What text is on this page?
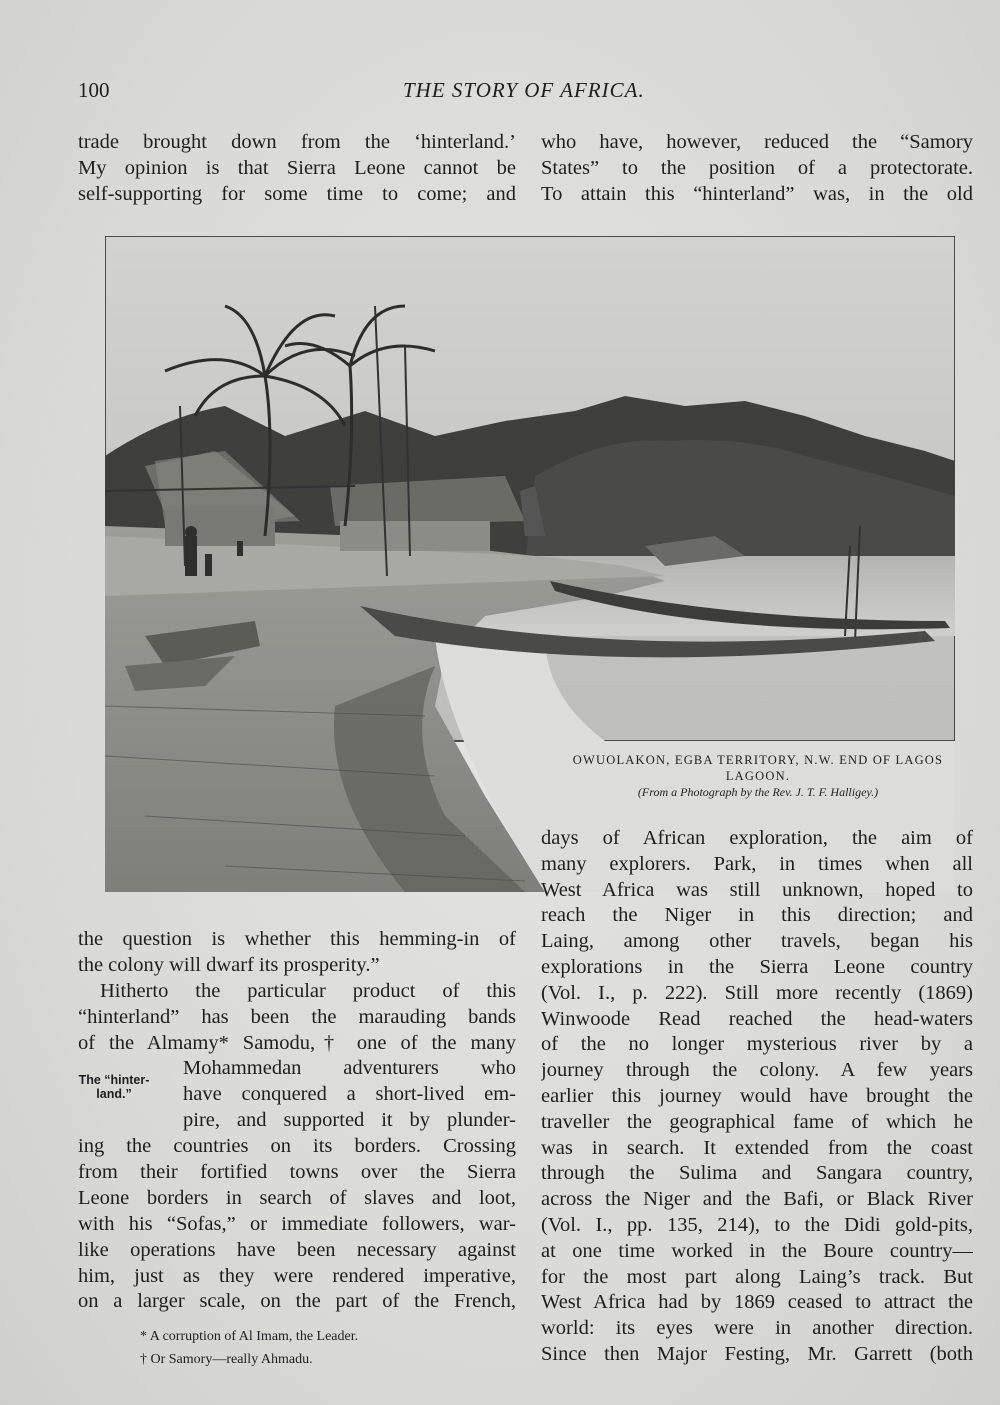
100	THE STORY OF AFRICA.
trade brought down from the ‘hinterland.’
My opinion is that Sierra Leone cannot be
self-supporting for some time to come; and
who have, however, reduced the “Samory
States” to the position of a protectorate.
To attain this “hinterland” was, in the old
OWUOLAKON, EGBA TERRITORY, N.W. END OF LAGOS
LAGOON.
(From a Photograph by the Rev. J. T. F. Halligey.)
days of African exploration, the aim of
many explorers. Park, in times when all
West Africa was still unknown, hoped to
reach the Niger in this direction; and
Laing, among other travels, began his
explorations in the Sierra Leone country
(Vol. I., p. 222). Still more recently (1869)
Winwoode Read reached the head-waters
of the no longer mysterious river by a
journey through the colony. A few years
earlier this journey would have brought the
traveller the geographical fame of which he
was in search. It extended from the coast
through the Sulima and Sangara country,
across the Niger and the Bafi, or Black River
(Vol. I., pp. 135, 214), to the Didi gold-pits,
at one time worked in the Boure country—
for the most part along Laing’s track. But
West Africa had by 1869 ceased to attract the
world: its eyes were in another direction.
Since then Major Festing, Mr. Garrett (both
the question is whether this hemming-in of
the colony will dwarf its prosperity.”
Hitherto the particular product of this
“hinterland” has been the marauding bands
of the Almamy* Samodu,† one of the many
Mohammedan adventurers who
have conquered a short-lived em-
pire, and supported it by plunder-
ing the countries on its borders. Crossing
from their fortified towns over the Sierra
Leone borders in search of slaves and loot,
with his “Sofas,” or immediate followers, war-
like operations have been necessary against
him, just as they were rendered imperative,
on a larger scale, on the part of the French,
The “hinter-
land.”
* A corruption of Al Imam, the Leader.
† Or Samory—really Ahmadu.
